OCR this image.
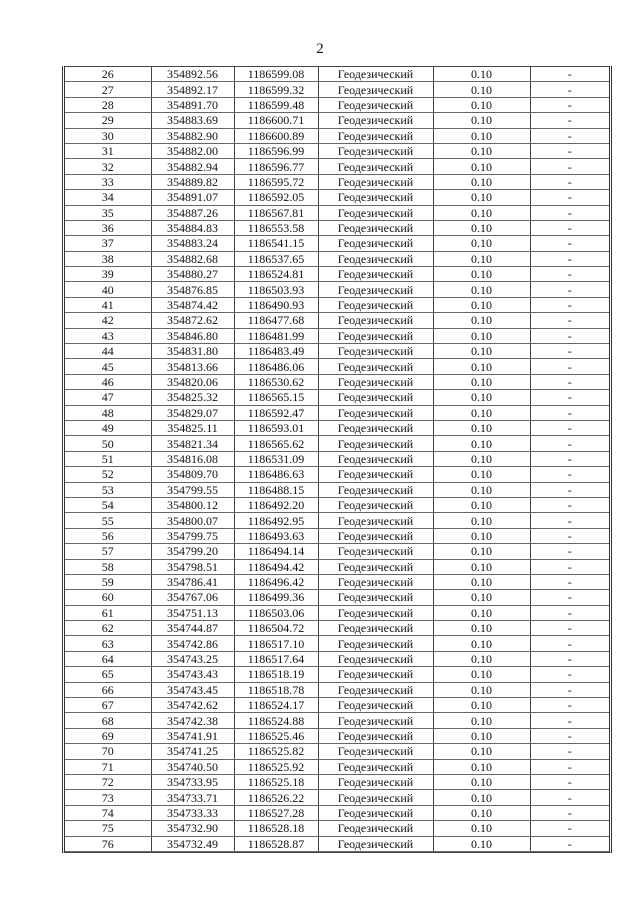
2
26	354892.56	1186599.08	Геодезический	0.10	-
27	354892.17	1186599.32	Геодезический	0.10	-
28	354891.70	1186599.48	Геодезический	0.10	-
29	354883.69	1186600.71	Геодезический	0.10	-
30	354882.90	1186600.89	Геодезический	0.10	-
31	354882.00	1186596.99	Геодезический	0.10	-
32	354882.94	1186596.77	Геодезический	0.10	-
33	354889.82	1186595.72	Геодезический	0.10	-
34	354891.07	1186592.05	Геодезический	0.10	-
35	354887.26	1186567.81	Геодезический	0.10	-
36	354884.83	1186553.58	Геодезический	0.10	-
37	354883.24	1186541.15	Геодезический	0.10	-
38	354882.68	1186537.65	Геодезический	0.10	-
39	354880.27	1186524.81	Геодезический	0.10	-
40	354876.85	1186503.93	Геодезический	0.10	-
41	354874.42	1186490.93	Геодезический	0.10	-
42	354872.62	1186477.68	Геодезический	0.10	-
43	354846.80	1186481.99	Геодезический	0.10	-
44	354831.80	1186483.49	Геодезический	0.10	-
45	354813.66	1186486.06	Геодезический	0.10	-
46	354820.06	1186530.62	Геодезический	0.10	-
47	354825.32	1186565.15	Геодезический	0.10	-
48	354829.07	1186592.47	Геодезический	0.10	-
49	354825.11	1186593.01	Геодезический	0.10	-
50	354821.34	1186565.62	Геодезический	0.10	-
51	354816.08	1186531.09	Геодезический	0.10	-
52	354809.70	1186486.63	Геодезический	0.10	-
53	354799.55	1186488.15	Геодезический	0.10	-
54	354800.12	1186492.20	Геодезический	0.10	-
55	354800.07	1186492.95	Геодезический	0.10	-
56	354799.75	1186493.63	Геодезический	0.10	-
57	354799.20	1186494.14	Геодезический	0.10	-
58	354798.51	1186494.42	Геодезический	0.10	-
59	354786.41	1186496.42	Геодезический	0.10	-
60	354767.06	1186499.36	Геодезический	0.10	-
61	354751.13	1186503.06	Геодезический	0.10	-
62	354744.87	1186504.72	Геодезический	0.10	-
63	354742.86	1186517.10	Геодезический	0.10	-
64	354743.25	1186517.64	Геодезический	0.10	-
65	354743.43	1186518.19	Геодезический	0.10	-
66	354743.45	1186518.78	Геодезический	0.10	-
67	354742.62	1186524.17	Геодезический	0.10	-
68	354742.38	1186524.88	Геодезический	0.10	-
69	354741.91	1186525.46	Геодезический	0.10	-
70	354741.25	1186525.82	Геодезический	0.10	-
71	354740.50	1186525.92	Геодезический	0.10	-
72	354733.95	1186525.18	Геодезический	0.10	-
73	354733.71	1186526.22	Геодезический	0.10	-
74	354733.33	1186527.28	Геодезический	0.10	-
75	354732.90	1186528.18	Геодезический	0.10	-
76	354732.49	1186528.87	Геодезический	0.10	-
